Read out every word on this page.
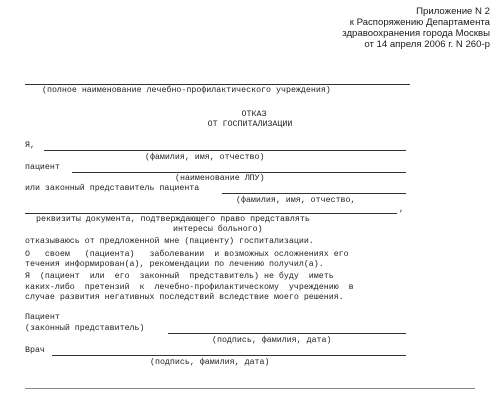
Приложение N 2
к Распоряжению Департамента
здравоохранения города Москвы
от 14 апреля 2006 г. N 260-р
(полное наименование лечебно-профилактического учреждения)
ОТКАЗ
ОТ ГОСПИТАЛИЗАЦИИ
Я,
(фамилия, имя, отчество)
пациент
(наименование ЛПУ)
или законный представитель пациента
(фамилия, имя, отчество,
,
реквизиты документа, подтверждающего право представлять
интересы больного)
отказываюсь от предложенной мне (пациенту) госпитализации.
О   своем   (пациента)   заболевании  и возможных осложнениях его
течения информирован(а), рекомендации по лечению получил(а).
Я  (пациент  или  его  законный  представитель) не буду  иметь
каких-либо  претензий  к  лечебно-профилактическому  учреждению  в
случае развития негативных последствий вследствие моего решения.
Пациент
(законный представитель)
(подпись, фамилия, дата)
Врач
(подпись, фамилия, дата)
